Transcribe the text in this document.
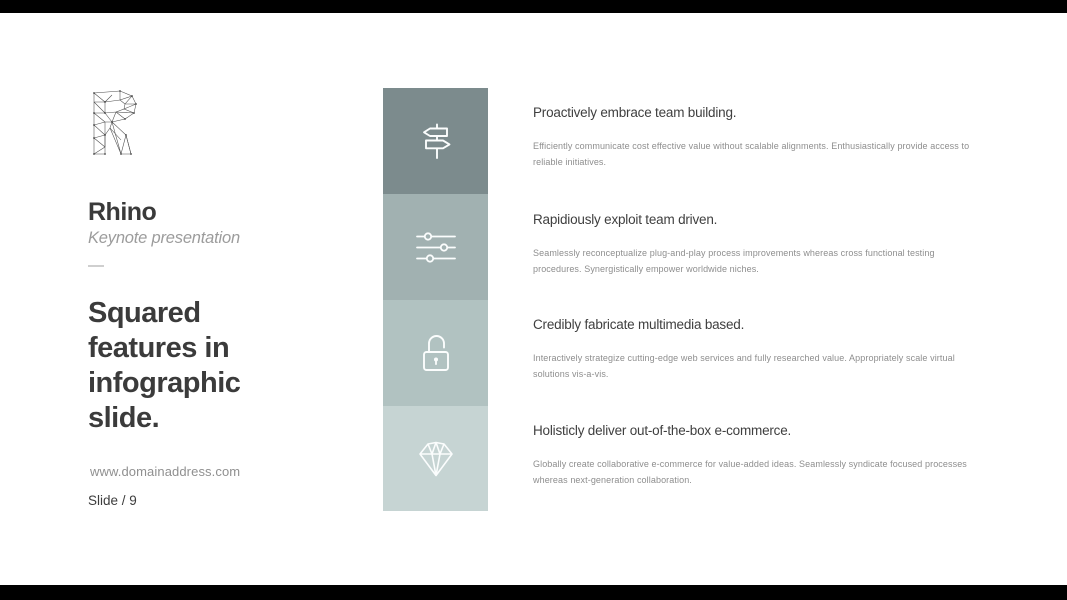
Rhino
Keynote presentation
Squared features in infographic slide.
www.domainaddress.com
Slide / 9
Proactively embrace team building.
Efficiently communicate cost effective value without scalable alignments. Enthusiastically provide access to reliable initiatives.
Rapidiously exploit team driven.
Seamlessly reconceptualize plug-and-play process improvements whereas cross functional testing procedures. Synergistically empower worldwide niches.
Credibly fabricate multimedia based.
Interactively strategize cutting-edge web services and fully researched value. Appropriately scale virtual solutions vis-a-vis.
Holisticly deliver out-of-the-box e-commerce.
Globally create collaborative e-commerce for value-added ideas. Seamlessly syndicate focused processes whereas next-generation collaboration.
